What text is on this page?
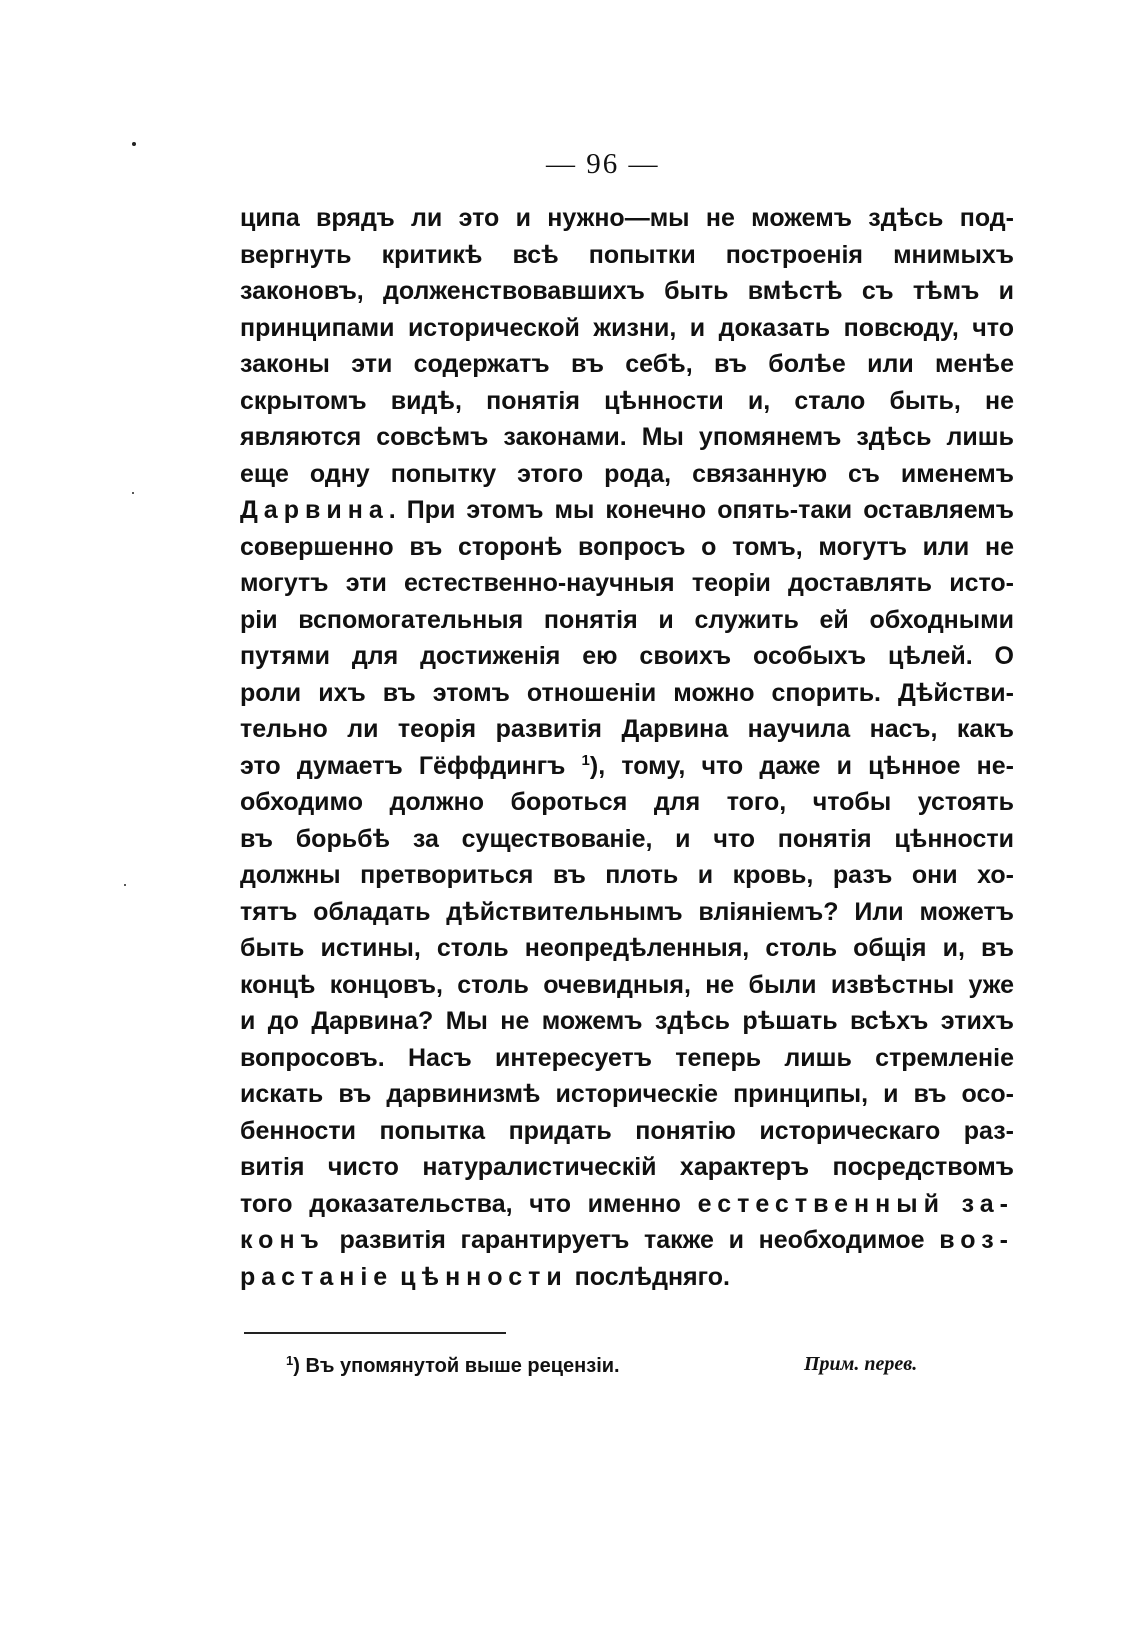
— 96 —
ципа врядъ ли это и нужно—мы не можемъ здѣсь под-
вергнуть критикѣ всѣ попытки построенія мнимыхъ
законовъ, долженствовавшихъ быть вмѣстѣ съ тѣмъ и
принципами исторической жизни, и доказать повсюду, что
законы эти содержатъ въ себѣ, въ болѣе или менѣе
скрытомъ видѣ, понятія цѣнности и, стало быть, не
являются совсѣмъ законами. Мы упомянемъ здѣсь лишь
еще одну попытку этого рода, связанную съ именемъ
Дарвина. При этомъ мы конечно опять-таки оставляемъ
совершенно въ сторонѣ вопросъ о томъ, могутъ или не
могутъ эти естественно-научныя теоріи доставлять исто-
ріи вспомогательныя понятія и служить ей обходными
путями для достиженія ею своихъ особыхъ цѣлей. О
роли ихъ въ этомъ отношеніи можно спорить. Дѣйстви-
тельно ли теорія развитія Дарвина научила насъ, какъ
это думаетъ Гёффдингъ $^1$), тому, что даже и цѣнное не-
обходимо должно бороться для того, чтобы устоять
въ борьбѣ за существованіе, и что понятія цѣнности
должны претвориться въ плоть и кровь, разъ они хо-
тятъ обладать дѣйствительнымъ вліяніемъ? Или можетъ
быть истины, столь неопредѣленныя, столь общія и, въ
концѣ концовъ, столь очевидныя, не были извѣстны уже
и до Дарвина? Мы не можемъ здѣсь рѣшать всѣхъ этихъ
вопросовъ. Насъ интересуетъ теперь лишь стремленіе
искать въ дарвинизмѣ историческіе принципы, и въ осо-
бенности попытка придать понятію историческаго раз-
витія чисто натуралистическій характеръ посредствомъ
того доказательства, что именно естественный за-
конъ развитія гарантируетъ также и необходимое воз-
растаніе цѣнности послѣдняго.
$^1$) Въ упомянутой выше рецензіи.	Прим. перев.
